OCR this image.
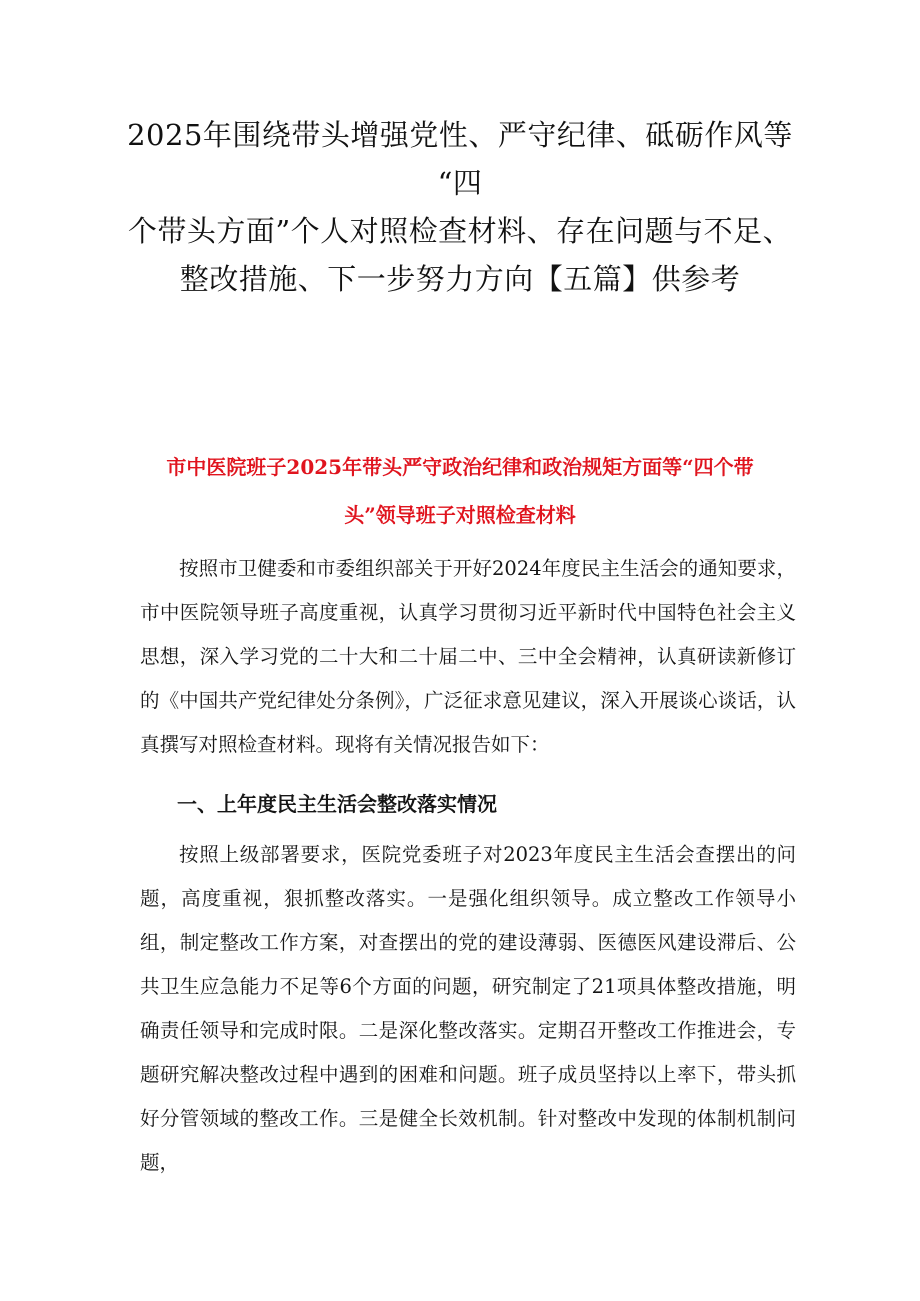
2025年围绕带头增强党性、严守纪律、砥砺作风等
“四
个带头方面”个人对照检查材料、存在问题与不足、
整改措施、下一步努力方向【五篇】供参考
市中医院班子2025年带头严守政治纪律和政治规矩方面等“四个带
头”领导班子对照检查材料

按照市卫健委和市委组织部关于开好2024年度民主生活会的通知要求，市中医院领导班子高度重视，认真学习贯彻习近平新时代中国特色社会主义思想，深入学习党的二十大和二十届二中、三中全会精神，认真研读新修订的《中国共产党纪律处分条例》，广泛征求意见建议，深入开展谈心谈话，认真撰写对照检查材料。现将有关情况报告如下：

一、上年度民主生活会整改落实情况

按照上级部署要求，医院党委班子对2023年度民主生活会查摆出的问题，高度重视，狠抓整改落实。一是强化组织领导。成立整改工作领导小组，制定整改工作方案，对查摆出的党的建设薄弱、医德医风建设滞后、公共卫生应急能力不足等6个方面的问题，研究制定了21项具体整改措施，明确责任领导和完成时限。二是深化整改落实。定期召开整改工作推进会，专题研究解决整改过程中遇到的困难和问题。班子成员坚持以上率下，带头抓好分管领域的整改工作。三是健全长效机制。针对整改中发现的体制机制问题，
